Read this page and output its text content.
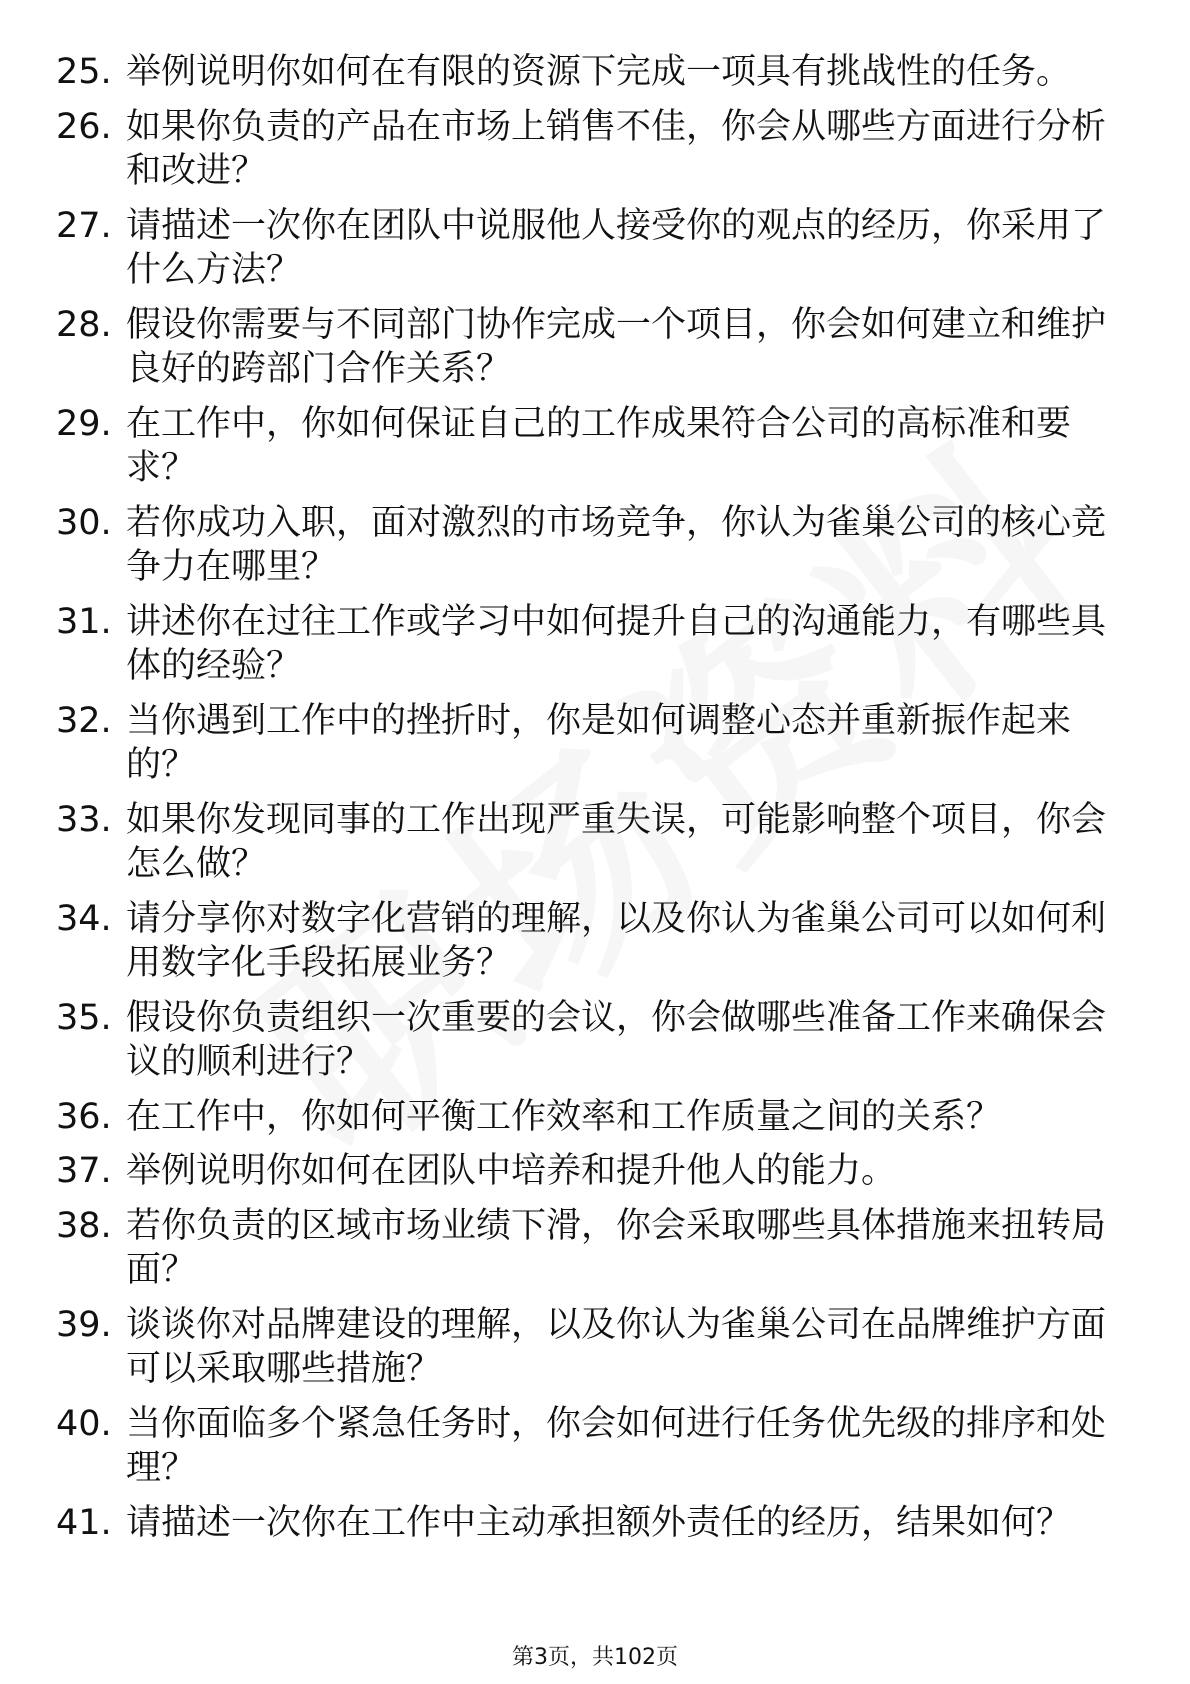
25. 举例说明你如何在有限的资源下完成一项具有挑战性的任务。
26. 如果你负责的产品在市场上销售不佳，你会从哪些方面进行分析和改进？
27. 请描述一次你在团队中说服他人接受你的观点的经历，你采用了什么方法？
28. 假设你需要与不同部门协作完成一个项目，你会如何建立和维护良好的跨部门合作关系？
29. 在工作中，你如何保证自己的工作成果符合公司的高标准和要求？
30. 若你成功入职，面对激烈的市场竞争，你认为雀巢公司的核心竞争力在哪里？
31. 讲述你在过往工作或学习中如何提升自己的沟通能力，有哪些具体的经验？
32. 当你遇到工作中的挫折时，你是如何调整心态并重新振作起来的？
33. 如果你发现同事的工作出现严重失误，可能影响整个项目，你会怎么做？
34. 请分享你对数字化营销的理解，以及你认为雀巢公司可以如何利用数字化手段拓展业务？
35. 假设你负责组织一次重要的会议，你会做哪些准备工作来确保会议的顺利进行？
36. 在工作中，你如何平衡工作效率和工作质量之间的关系？
37. 举例说明你如何在团队中培养和提升他人的能力。
38. 若你负责的区域市场业绩下滑，你会采取哪些具体措施来扭转局面？
39. 谈谈你对品牌建设的理解，以及你认为雀巢公司在品牌维护方面可以采取哪些措施？
40. 当你面临多个紧急任务时，你会如何进行任务优先级的排序和处理？
41. 请描述一次你在工作中主动承担额外责任的经历，结果如何？
第3页，共102页
